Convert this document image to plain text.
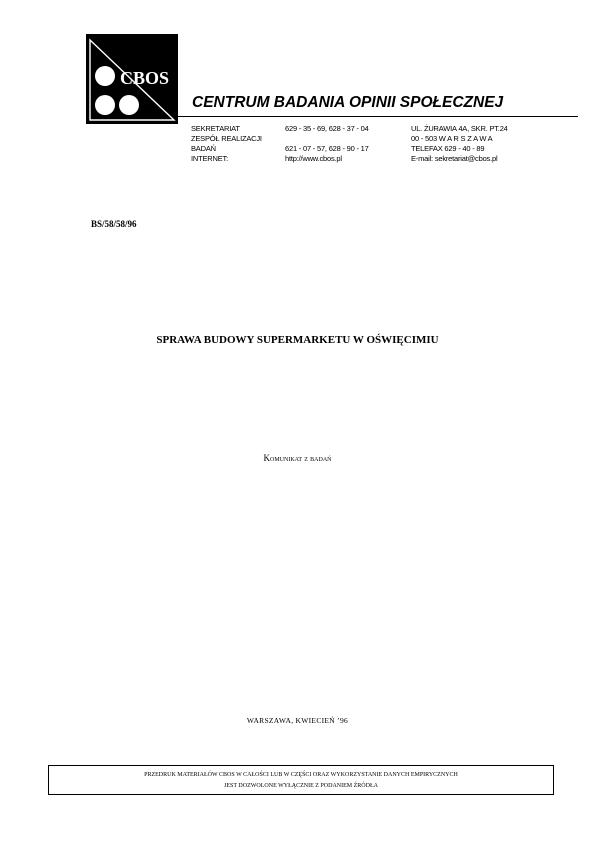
CBOS
CENTRUM BADANIA OPINII SPOŁECZNEJ
SEKRETARIAT
ZESPÓŁ REALIZACJI
BADAŃ
INTERNET:
629 - 35 - 69, 628 - 37 - 04

621 - 07 - 57, 628 - 90 - 17
http://www.cbos.pl
UL. ŻURAWIA 4A, SKR. PT.24
00 - 503 W A R S Z A W A
TELEFAX 629 - 40 - 89
E-mail: sekretariat@cbos.pl
BS/58/58/96
SPRAWA BUDOWY SUPERMARKETU W OŚWIĘCIMIU
Komunikat z badań
WARSZAWA, KWIECIEŃ ’96
PRZEDRUK MATERIAŁÓW CBOS W CAŁOŚCI LUB W CZĘŚCI ORAZ WYKORZYSTANIE DANYCH EMPIRYCZNYCH
JEST DOZWOLONE WYŁĄCZNIE Z PODANIEM ŹRÓDŁA
